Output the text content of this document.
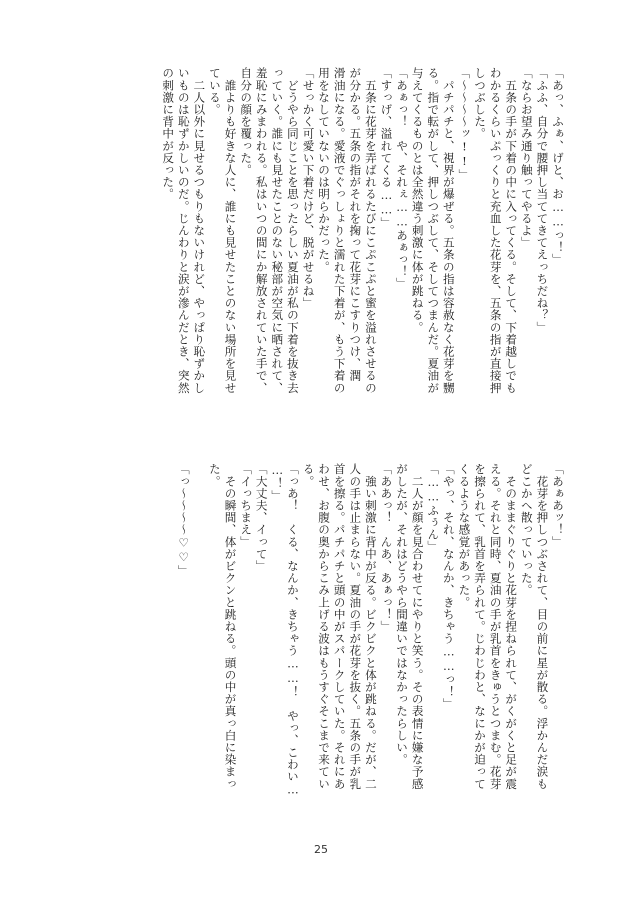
「あっ、ふぁ、げと、お……っ！」
「ふふ、自分で腰押し当ててきてえっちだね？」
「ならお望み通り触ってやるよ」
　五条の手が下着の中に入ってくる。そして、下着越しでも
わかるくらいぷっくりと充血した花芽を、五条の指が直接押
しつぶした。
「〜〜〜〜ッ!!」
　パチパチと、視界が爆ぜる。五条の指は容赦なく花芽を嬲
る。指で転がして、押しつぶして、そしてつまんだ。夏油が
与えてくるものとは全然違う刺激に体が跳ねる。
「あぁっ！　や、それぇ……あぁっ！」
「すっげ、溢れてくる……」
　五条に花芽を弄ばれるたびにこぷこぷと蜜を溢れさせるの
が分かる。五条の指がそれを掬って花芽にこすりつけ、潤
滑油になる。愛液でぐっしょりと濡れた下着が、もう下着の
用をなしていないのは明らかだった。
「せっかく可愛い下着だけど、脱がせるね」
　どうやら同じことを思ったらしい夏油が私の下着を抜き去
っていく。誰にも見せたことのない秘部が空気に晒されて、
羞恥にみまわれる。私はいつの間にか解放されていた手で、
自分の顔を覆った。
　誰よりも好きな人に、誰にも見せたことのない場所を見せ
ている。
　二人以外に見せるつもりもないけれど、やっぱり恥ずかし
いものは恥ずかしいのだ。じんわりと涙が滲んだとき、突然
の刺激に背中が反った。
「あぁあッ！」
　花芽を押しつぶされて、目の前に星が散る。浮かんだ涙も
どこかへ散っていった。
　そのままぐりぐりと花芽を捏ねられて、がくがくと足が震
える。それと同時、夏油の手が乳首をきゅうとつまむ。花芽
を擦られて、乳首を弄られて。じわじわと、なにかが迫って
くるような感覚があった。
「やっ、それ、なんか、きちゃう……っ！」
「……ふぅん」
　二人が顔を見合わせてにやりと笑う。その表情に嫌な予感
がしたが、それはどうやら間違いではなかったらしい。
「ああっ！　んあ、あぁっ！」
　強い刺激に背中が反る。ビクビクと体が跳ねる。だが、二
人の手は止まらない。夏油の手が花芽を抜く。五条の手が乳
首を擦る。パチパチと頭の中がスパークしていた。それにあ
わせ、お腹の奥からこみ上げる波はもうすぐそこまで来てい
る。
「っあ！　くる、なんか、きちゃう……！　やっ、こわい…
…！」
「大丈夫、イって」
「イっちまえ」
　その瞬間、体がビクンと跳ねる。頭の中が真っ白に染まっ
た。

「っ〜〜〜〜♡♡」
25
